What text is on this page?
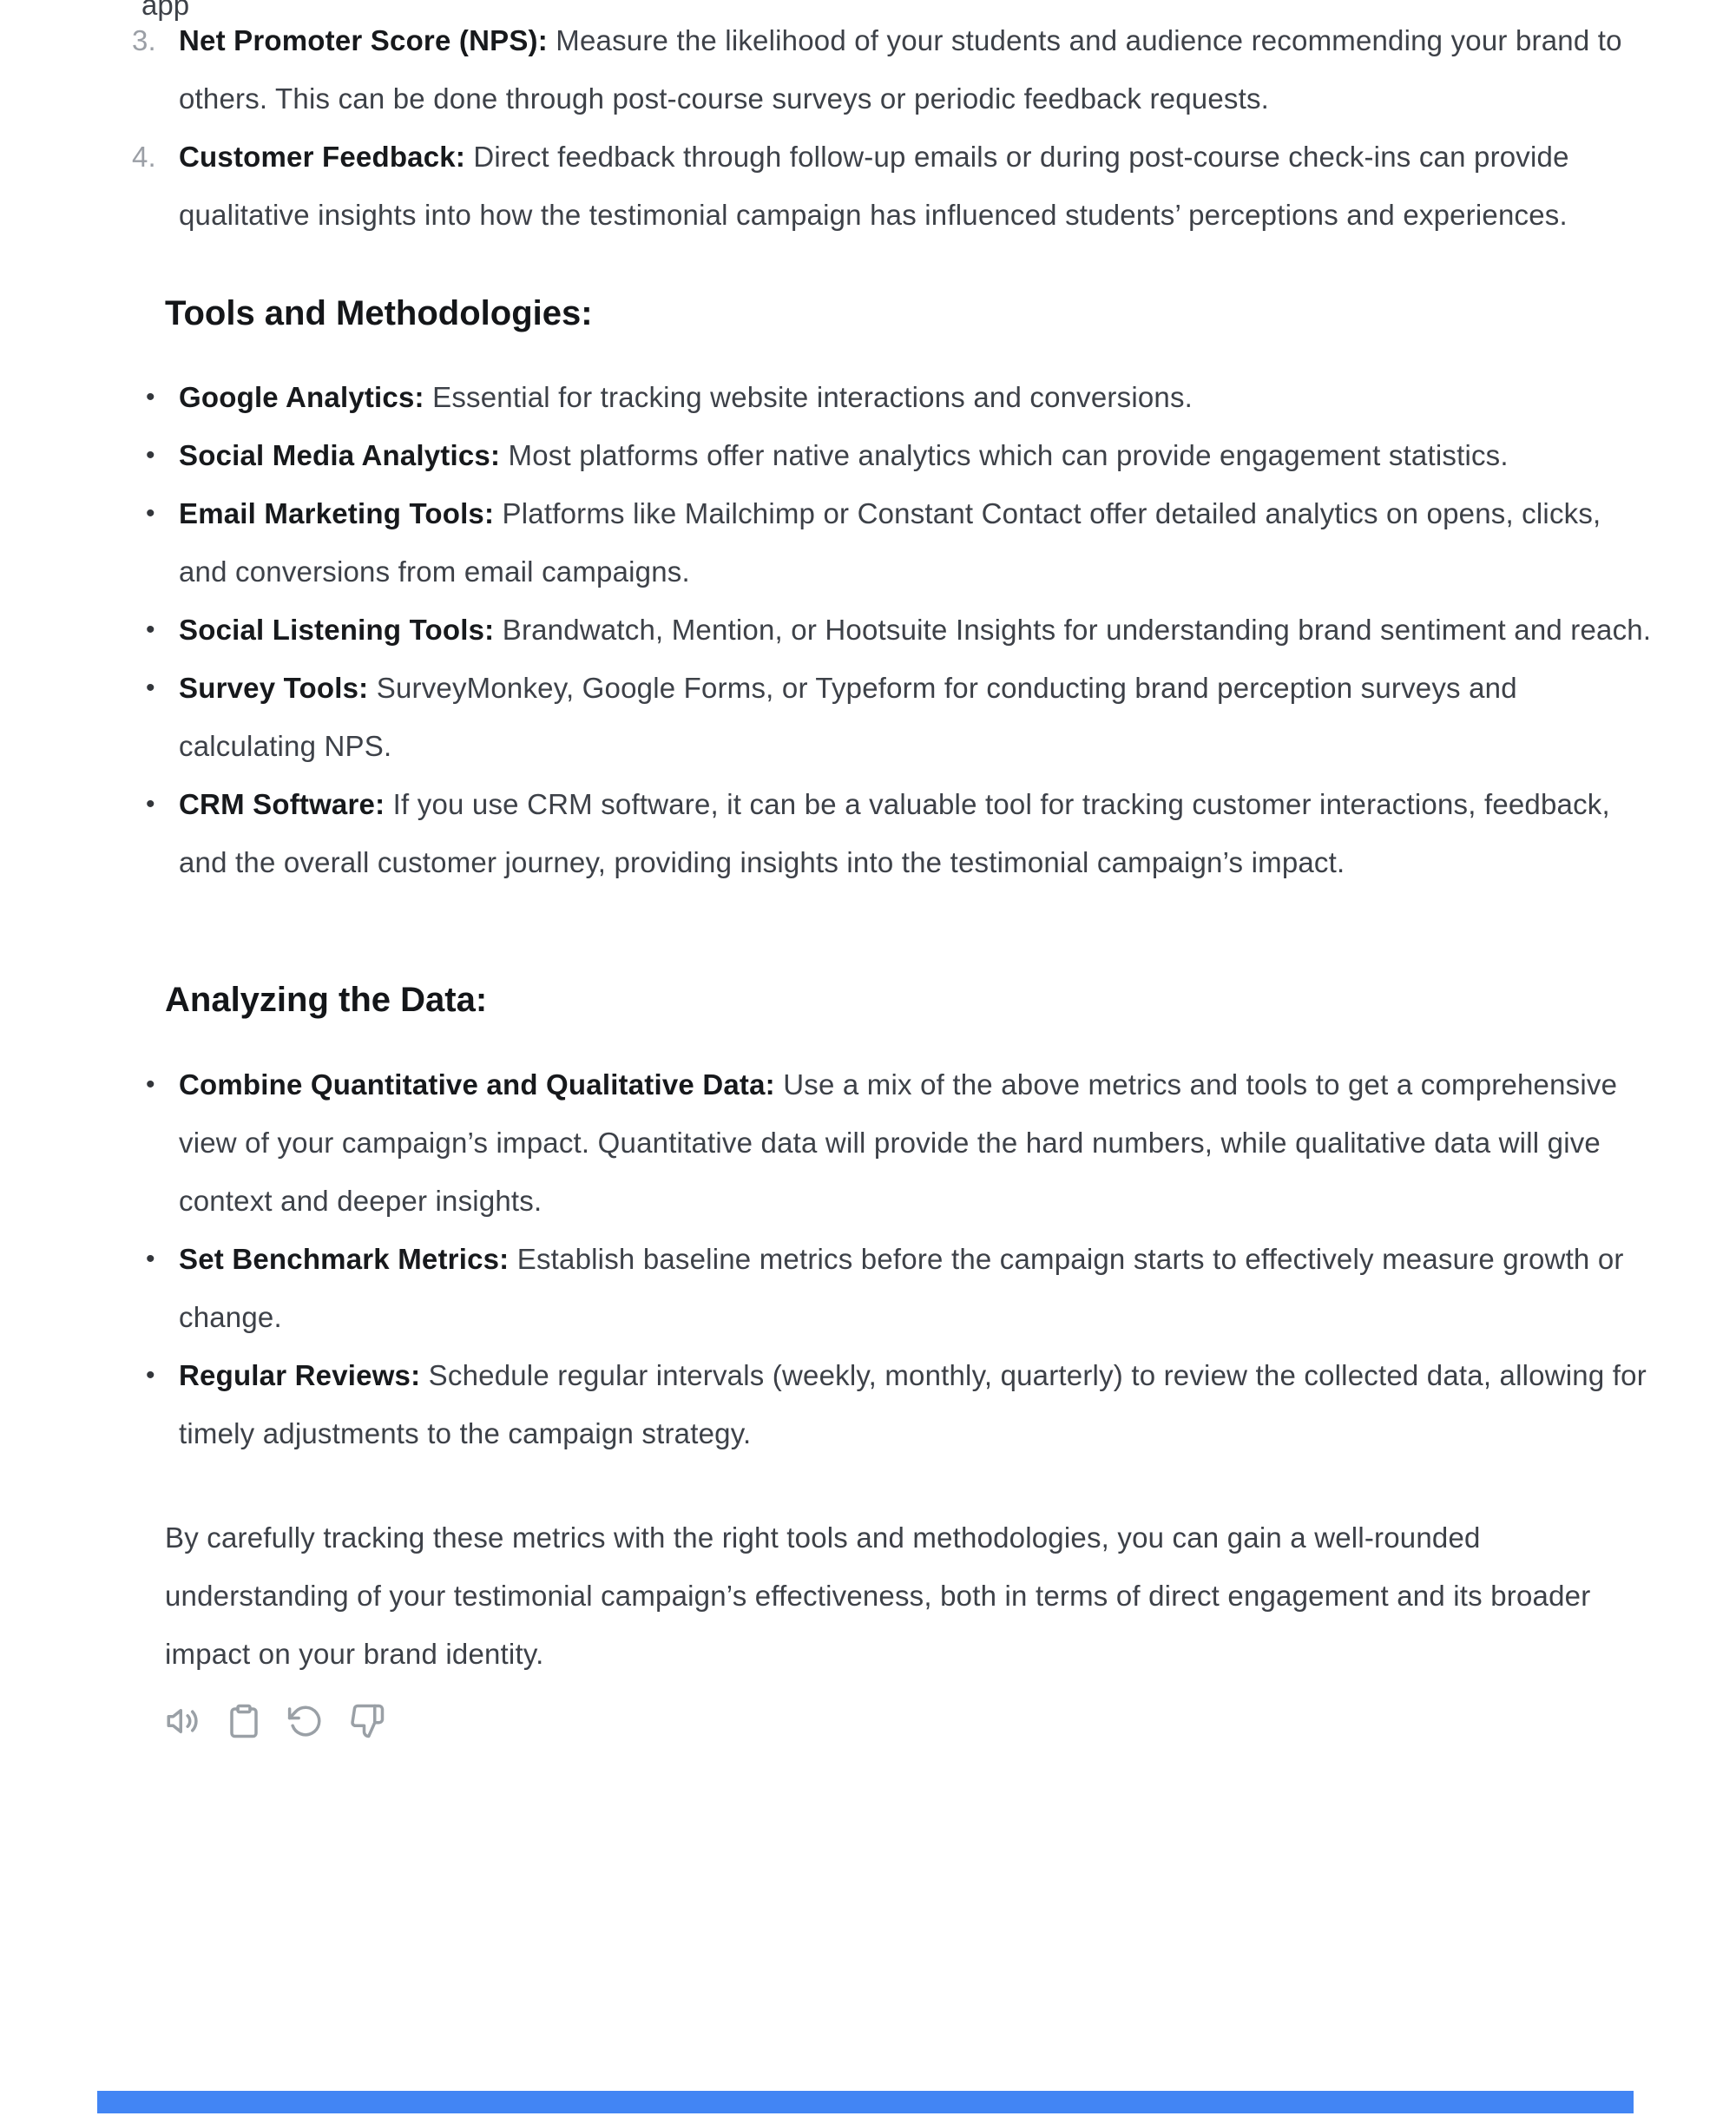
app
3. Net Promoter Score (NPS): Measure the likelihood of your students and audience recommending your brand to others. This can be done through post-course surveys or periodic feedback requests.
4. Customer Feedback: Direct feedback through follow-up emails or during post-course check-ins can provide qualitative insights into how the testimonial campaign has influenced students’ perceptions and experiences.
Tools and Methodologies:
• Google Analytics: Essential for tracking website interactions and conversions.
• Social Media Analytics: Most platforms offer native analytics which can provide engagement statistics.
• Email Marketing Tools: Platforms like Mailchimp or Constant Contact offer detailed analytics on opens, clicks, and conversions from email campaigns.
• Social Listening Tools: Brandwatch, Mention, or Hootsuite Insights for understanding brand sentiment and reach.
• Survey Tools: SurveyMonkey, Google Forms, or Typeform for conducting brand perception surveys and calculating NPS.
• CRM Software: If you use CRM software, it can be a valuable tool for tracking customer interactions, feedback, and the overall customer journey, providing insights into the testimonial campaign’s impact.
Analyzing the Data:
• Combine Quantitative and Qualitative Data: Use a mix of the above metrics and tools to get a comprehensive view of your campaign’s impact. Quantitative data will provide the hard numbers, while qualitative data will give context and deeper insights.
• Set Benchmark Metrics: Establish baseline metrics before the campaign starts to effectively measure growth or change.
• Regular Reviews: Schedule regular intervals (weekly, monthly, quarterly) to review the collected data, allowing for timely adjustments to the campaign strategy.

By carefully tracking these metrics with the right tools and methodologies, you can gain a well-rounded understanding of your testimonial campaign’s effectiveness, both in terms of direct engagement and its broader impact on your brand identity.
